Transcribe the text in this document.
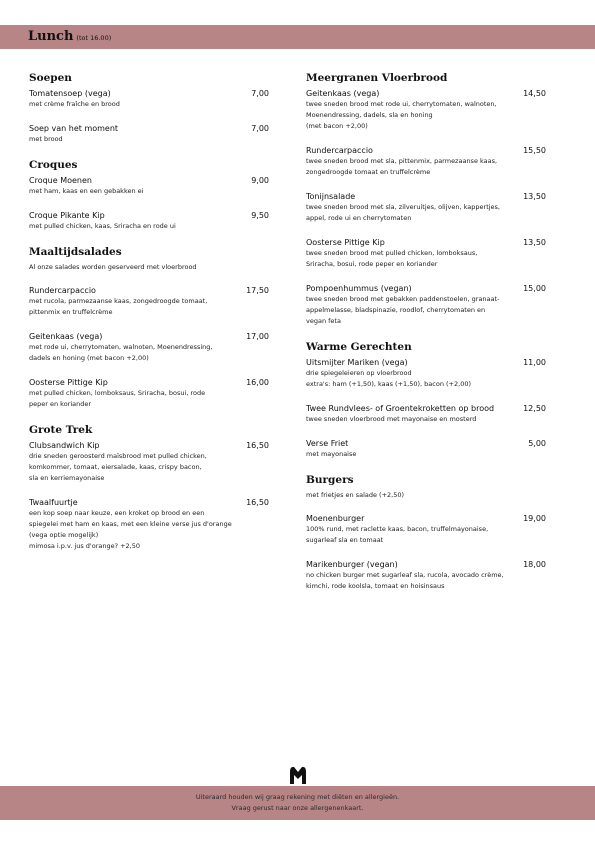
Lunch (tot 16.00)
Soepen
Tomatensoep (vega)	7,00
met crème fraîche en brood
Soep van het moment	7,00
met brood
Croques
Croque Moenen	9,00
met ham, kaas en een gebakken ei
Croque Pikante Kip	9,50
met pulled chicken, kaas, Sriracha en rode ui
Maaltijdsalades
Al onze salades worden geserveerd met vloerbrood
Rundercarpaccio	17,50
met rucola, parmezaanse kaas, zongedroogde tomaat,
pittenmix en truffelcrème
Geitenkaas (vega)	17,00
met rode ui, cherrytomaten, walnoten, Moenendressing,
dadels en honing (met bacon +2,00)
Oosterse Pittige Kip	16,00
met pulled chicken, lomboksaus, Sriracha, bosui, rode
peper en koriander
Grote Trek
Clubsandwich Kip	16,50
drie sneden geroosterd maïsbrood met pulled chicken,
komkommer, tomaat, eiersalade, kaas, crispy bacon,
sla en kerriemayonaise
Twaalfuurtje	16,50
een kop soep naar keuze, een kroket op brood en een
spiegelei met ham en kaas, met een kleine verse jus d'orange
(vega optie mogelijk)
mimosa i.p.v. jus d'orange? +2,50
Meergranen Vloerbrood
Geitenkaas (vega)	14,50
twee sneden brood met rode ui, cherrytomaten, walnoten,
Moenendressing, dadels, sla en honing
(met bacon +2,00)
Rundercarpaccio	15,50
twee sneden brood met sla, pittenmix, parmezaanse kaas,
zongedroogde tomaat en truffelcrème
Tonijnsalade	13,50
twee sneden brood met sla, zilveruitjes, olijven, kappertjes,
appel, rode ui en cherrytomaten
Oosterse Pittige Kip	13,50
twee sneden brood met pulled chicken, lomboksaus,
Sriracha, bosui, rode peper en koriander
Pompoenhummus (vegan)	15,00
twee sneden brood met gebakken paddenstoelen, granaat-
appelmelasse, bladspinazie, roodlof, cherrytomaten en
vegan feta
Warme Gerechten
Uitsmijter Mariken (vega)	11,00
drie spiegeleieren op vloerbrood
extra's: ham (+1,50), kaas (+1,50), bacon (+2,00)
Twee Rundvlees- of Groentekroketten op brood	12,50
twee sneden vloerbrood met mayonaise en mosterd
Verse Friet	5,00
met mayonaise
Burgers
met frietjes en salade (+2,50)
Moenenburger	19,00
100% rund, met raclette kaas, bacon, truffelmayonaise,
sugarleaf sla en tomaat
Marikenburger (vegan)	18,00
no chicken burger met sugarleaf sla, rucola, avocado crème,
kimchi, rode koolsla, tomaat en hoisinsaus
Uiteraard houden wij graag rekening met diëten en allergieën.
Vraag gerust naar onze allergenenkaart.
